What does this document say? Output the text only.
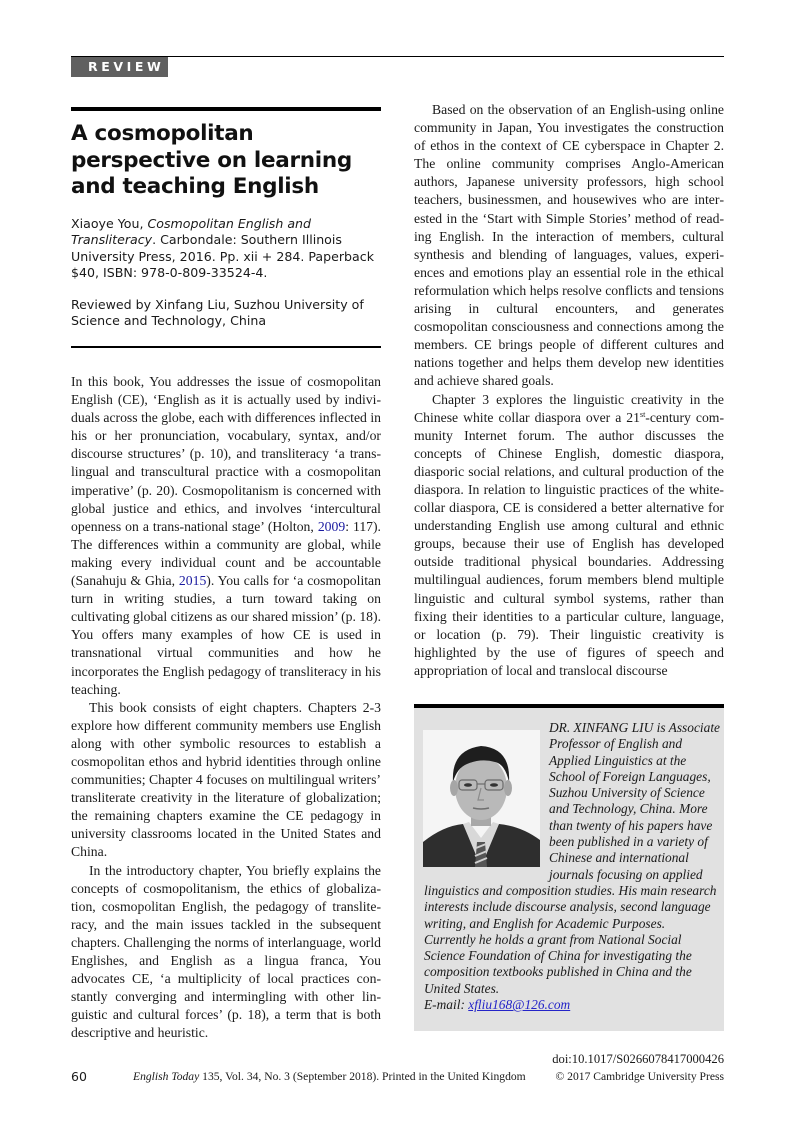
REVIEW
A cosmopolitan perspective on learning and teaching English
Xiaoye You, Cosmopolitan English and Transliteracy. Carbondale: Southern Illinois University Press, 2016. Pp. xii + 284. Paperback $40, ISBN: 978-0-809-33524-4.
Reviewed by Xinfang Liu, Suzhou University of Science and Technology, China

In this book, You addresses the issue of cosmopolitan English (CE), ‘English as it is actually used by individuals across the globe, each with differences inflected in his or her pronunciation, vocabulary, syntax, and/or discourse structures’ (p. 10), and transliteracy ‘a translingual and transcultural practice with a cosmopolitan imperative’ (p. 20). Cosmopolitanism is concerned with global justice and ethics, and involves ‘intercultural openness on a trans-national stage’ (Holton, 2009: 117). The differences within a community are global, while making every individual count and be accountable (Sanahuju & Ghia, 2015). You calls for ‘a cosmopolitan turn in writing studies, a turn toward taking on cultivating global citizens as our shared mission’ (p. 18). You offers many examples of how CE is used in transnational virtual communities and how he incorporates the English pedagogy of transliteracy in his teaching.

This book consists of eight chapters. Chapters 2-3 explore how different community members use English along with other symbolic resources to establish a cosmopolitan ethos and hybrid identities through online communities; Chapter 4 focuses on multilingual writers’ transliterate creativity in the literature of globalization; the remaining chapters examine the CE pedagogy in university classrooms located in the United States and China.

In the introductory chapter, You briefly explains the concepts of cosmopolitanism, the ethics of globalization, cosmopolitan English, the pedagogy of transliteracy, and the main issues tackled in the subsequent chapters. Challenging the norms of interlanguage, world Englishes, and English as a lingua franca, You advocates CE, ‘a multiplicity of local practices constantly converging and intermingling with other linguistic and cultural forces’ (p. 18), a term that is both descriptive and heuristic.

Based on the observation of an English-using online community in Japan, You investigates the construction of ethos in the context of CE cyberspace in Chapter 2. The online community comprises Anglo-American authors, Japanese university professors, high school teachers, businessmen, and housewives who are interested in the ‘Start with Simple Stories’ method of reading English. In the interaction of members, cultural synthesis and blending of languages, values, experiences and emotions play an essential role in the ethical reformulation which helps resolve conflicts and tensions arising in cultural encounters, and generates cosmopolitan consciousness and connections among the members. CE brings people of different cultures and nations together and helps them develop new identities and achieve shared goals.

Chapter 3 explores the linguistic creativity in the Chinese white collar diaspora over a 21st-century community Internet forum. The author discusses the concepts of Chinese English, domestic diaspora, diasporic social relations, and cultural production of the diaspora. In relation to linguistic practices of the white-collar diaspora, CE is considered a better alternative for understanding English use among cultural and ethnic groups, because their use of English has developed outside traditional physical boundaries. Addressing multilingual audiences, forum members blend multiple linguistic and cultural symbol systems, rather than fixing their identities to a particular culture, language, or location (p. 79). Their linguistic creativity is highlighted by the use of figures of speech and appropriation of local and translocal discourse

DR. XINFANG LIU is Associate Professor of English and Applied Linguistics at the School of Foreign Languages, Suzhou University of Science and Technology, China. More than twenty of his papers have been published in a variety of Chinese and international journals focusing on applied linguistics and composition studies. His main research interests include discourse analysis, second language writing, and English for Academic Purposes. Currently he holds a grant from National Social Science Foundation of China for investigating the composition textbooks published in China and the United States.
E-mail: xfliu168@126.com
doi:10.1017/S0266078417000426
60	English Today 135, Vol. 34, No. 3 (September 2018). Printed in the United Kingdom	© 2017 Cambridge University Press
